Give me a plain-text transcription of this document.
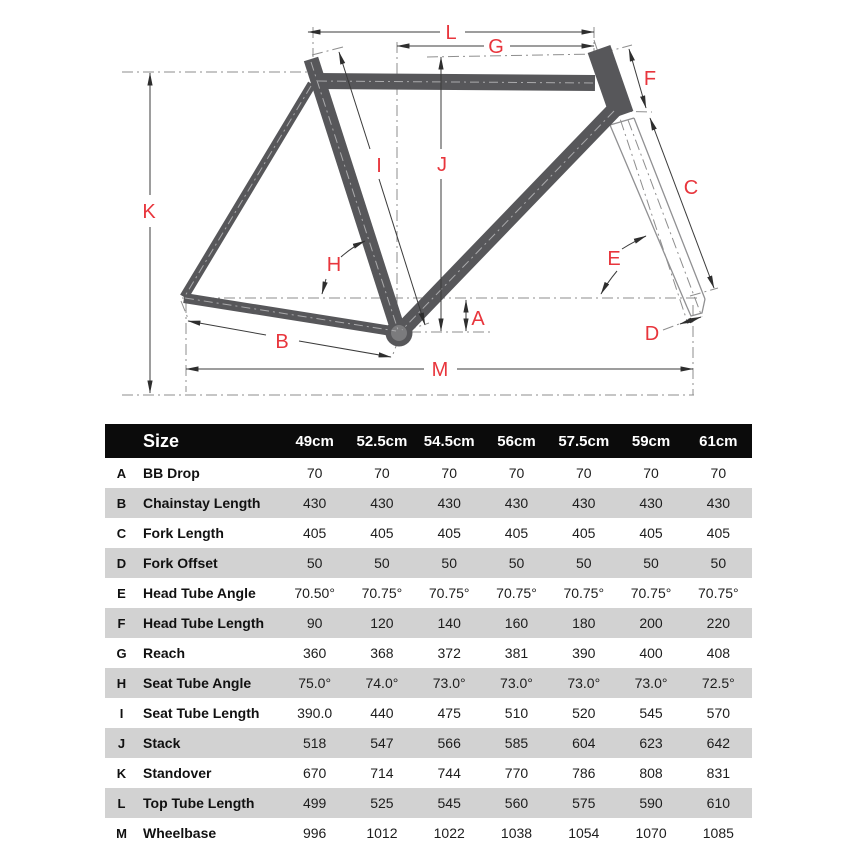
A
B
C
D
E
F
G
H
I	J
K
L
M
	Size	49cm	52.5cm	54.5cm	56cm	57.5cm	59cm	61cm
A	BB Drop	70	70	70	70	70	70	70
B	Chainstay Length	430	430	430	430	430	430	430
C	Fork Length	405	405	405	405	405	405	405
D	Fork Offset	50	50	50	50	50	50	50
E	Head Tube Angle	70.50°	70.75°	70.75°	70.75°	70.75°	70.75°	70.75°
F	Head Tube Length	90	120	140	160	180	200	220
G	Reach	360	368	372	381	390	400	408
H	Seat Tube Angle	75.0°	74.0°	73.0°	73.0°	73.0°	73.0°	72.5°
I	Seat Tube Length	390.0	440	475	510	520	545	570
J	Stack	518	547	566	585	604	623	642
K	Standover	670	714	744	770	786	808	831
L	Top Tube Length	499	525	545	560	575	590	610
M	Wheelbase	996	1012	1022	1038	1054	1070	1085
